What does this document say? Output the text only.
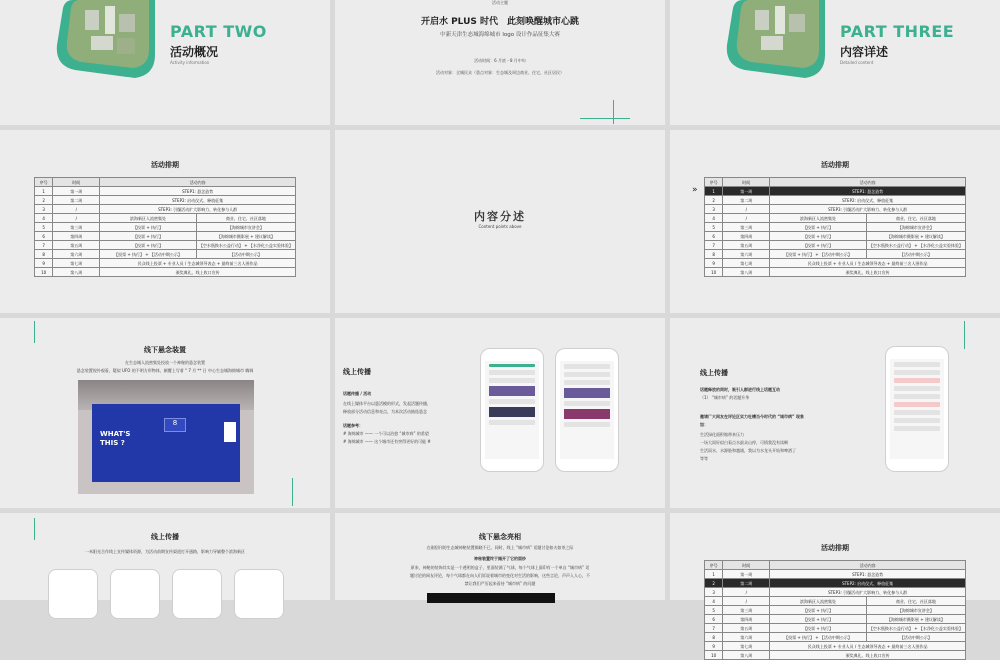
PART TWO
活动概况
Activity information
活动主题
开启水 PLUS 时代　此刻唤醒城市心跳
中新天津生态城海绵城市 logo 设计作品征集大赛
活动时间：6 月底 - 8 月中旬
活动对象：全城民众（重点对象：生态城及周边商业、住宅、社区居民）
PART THREE
内容详述
Detailed content
活动排期
序号	时间	活动内容	
1	第一周	STEP1: 悬念造势	
2	第二周	STEP2: 启动仪式、释放征集	
3	/	STEP3: 引爆活动扩大影响力、转化参与人群	
4	/	滨海新区人流密集处	商业、住宅、社区落地
5	第三周	【投票 + 执行】	【海绵城市宣讲会】
6	第四周	【投票 + 执行】	【海绵城市摄影展 + 建议解读】
7	第五周	【投票 + 执行】	【空水瓶换水公益行动】 + 【水净化公益实验体验】
8	第六周	【投票 + 执行】 + 【活动中期公示】	【活动中期公示】
9	第七周	民众线上投票 + 专业人员 / 生态城领导表态 + 最终前三名人围作品	
10	第八周	颁奖典礼、线上收口宣传	
内容分述
Content points above
活动排期
»
序号	时间	活动内容	
1	第一周	STEP1: 悬念造势	
2	第二周	STEP2: 启动仪式、释放征集	
3	/	STEP3: 引爆活动扩大影响力、转化参与人群	
4	/	滨海新区人流密集处	商业、住宅、社区落地
5	第三周	【投票 + 执行】	【海绵城市宣讲会】
6	第四周	【投票 + 执行】	【海绵城市摄影展 + 建议解读】
7	第五周	【投票 + 执行】	【空水瓶换水公益行动】 + 【水净化公益实验体验】
8	第六周	【投票 + 执行】 + 【活动中期公示】	【活动中期公示】
9	第七周	民众线上投票 + 专业人员 / 生态城领导表态 + 最终前三名人围作品	
10	第八周	颁奖典礼、线上收口宣传	
线下悬念装置
在生态城人流密集处投放一个神秘的悬念装置
悬念装置视外观看，疑似 UFO 的不明方形物体，颠覆上写着 “ 7 月 ** 日 中心生态城海绵城市 嗨调
WHAT'S THIS ?
8
线上传播
话题传播 / 活动
在线上媒体平台以悬活模的形式，发起活题传播，
释放部分活动信息和亮点，为本次活动抽选悬念
话题参考：
# 海绵城市 —— 一个可以治愈 “城市病” 的希望
# 海绵城市 —— 这个城市还有突得更好的可能 #
线上传播
话题释放的同时，吸引人群进行线上话题互动
（1） “城市病” 的话题升华
邀请广大网友在评论区实力吐槽当今时代的 “城市病” 现象
如：
生活绿化面积缩带来压力
一场大雨好似白看点水最众山停，可情我没有读啊
生活雨水、水源脸和越浦，我以为水龙头开始和啤酒了
等等
线上传播
一米阳光合作线上宣传媒体资源，为活动前期宣传渠道打开通路，影响力导辅整个滨海新区
线下悬念亮相
在刚刮刊的生态城神秘装置揭晓不已，同时，线上 “城市病” 话题讨论如火如茶之际
神秘装置终于揭开了它的面纱
原来，神秘的装饰其实是一个透明的盒子，里面装满了气球，每个气球上面印有一个单自 “城市病” 话
题讨论的网友评论，每个气球都在向人们诉说着城市的变化对生活的影响，这些言论，声声入人心，不
禁让我们严厉起来看待 “城市病” 的问题
活动排期
序号	时间	活动内容	
1	第一周	STEP1: 悬念造势	
2	第二周	STEP2: 启动仪式、释放征集	
3	/	STEP3: 引爆活动扩大影响力、转化参与人群	
4	/	滨海新区人流密集处	商业、住宅、社区落地
5	第三周	【投票 + 执行】	【海绵城市宣讲会】
6	第四周	【投票 + 执行】	【海绵城市摄影展 + 建议解读】
7	第五周	【投票 + 执行】	【空水瓶换水公益行动】 + 【水净化公益实验体验】
8	第六周	【投票 + 执行】 + 【活动中期公示】	【活动中期公示】
9	第七周	民众线上投票 + 专业人员 / 生态城领导表态 + 最终前三名人围作品	
10	第八周	颁奖典礼、线上收口宣传	
